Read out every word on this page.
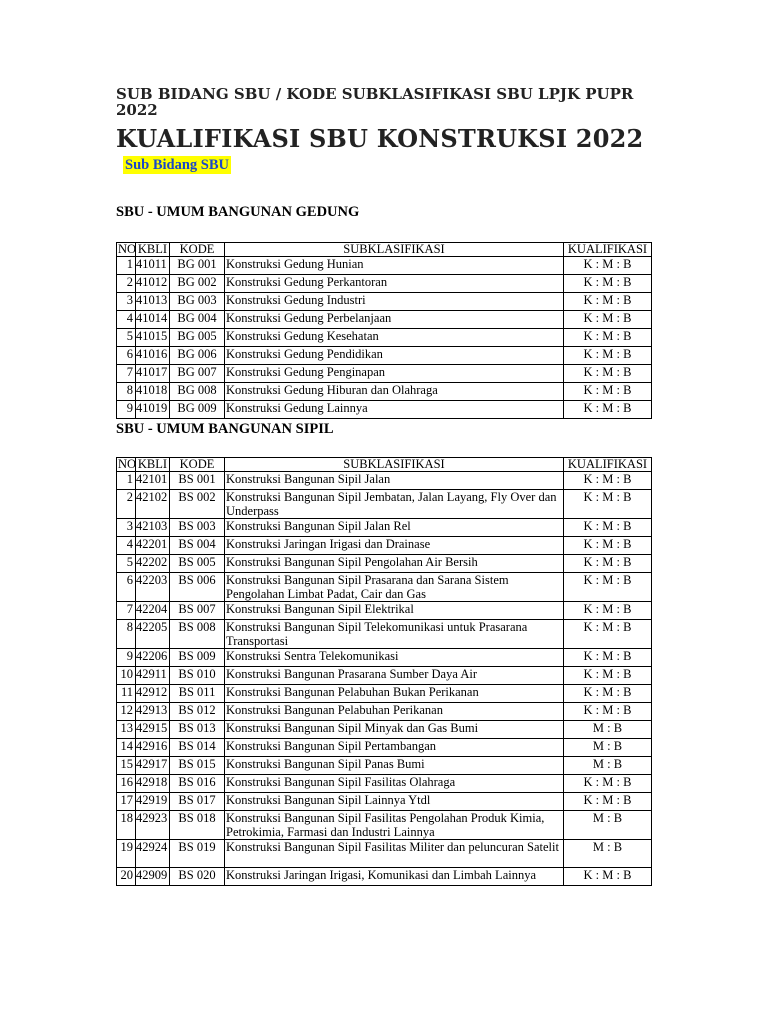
SUB BIDANG SBU / KODE SUBKLASIFIKASI SBU LPJK PUPR 2022
KUALIFIKASI SBU KONSTRUKSI 2022
Sub Bidang SBU
SBU - UMUM BANGUNAN GEDUNG
NO	KBLI	KODE	SUBKLASIFIKASI	KUALIFIKASI
1	41011	BG 001	Konstruksi Gedung Hunian	K : M : B
2	41012	BG 002	Konstruksi Gedung Perkantoran	K : M : B
3	41013	BG 003	Konstruksi Gedung Industri	K : M : B
4	41014	BG 004	Konstruksi Gedung Perbelanjaan	K : M : B
5	41015	BG 005	Konstruksi Gedung Kesehatan	K : M : B
6	41016	BG 006	Konstruksi Gedung Pendidikan	K : M : B
7	41017	BG 007	Konstruksi Gedung Penginapan	K : M : B
8	41018	BG 008	Konstruksi Gedung Hiburan dan Olahraga	K : M : B
9	41019	BG 009	Konstruksi Gedung Lainnya	K : M : B
SBU - UMUM BANGUNAN SIPIL
NO	KBLI	KODE	SUBKLASIFIKASI	KUALIFIKASI
1	42101	BS 001	Konstruksi Bangunan Sipil Jalan	K : M : B
2	42102	BS 002	Konstruksi Bangunan Sipil Jembatan, Jalan Layang, Fly Over dan Underpass	K : M : B
3	42103	BS 003	Konstruksi Bangunan Sipil Jalan Rel	K : M : B
4	42201	BS 004	Konstruksi Jaringan Irigasi dan Drainase	K : M : B
5	42202	BS 005	Konstruksi Bangunan Sipil Pengolahan Air Bersih	K : M : B
6	42203	BS 006	Konstruksi Bangunan Sipil Prasarana dan Sarana Sistem Pengolahan Limbat Padat, Cair dan Gas	K : M : B
7	42204	BS 007	Konstruksi Bangunan Sipil Elektrikal	K : M : B
8	42205	BS 008	Konstruksi Bangunan Sipil Telekomunikasi untuk Prasarana Transportasi	K : M : B
9	42206	BS 009	Konstruksi Sentra Telekomunikasi	K : M : B
10	42911	BS 010	Konstruksi Bangunan Prasarana Sumber Daya Air	K : M : B
11	42912	BS 011	Konstruksi Bangunan Pelabuhan Bukan Perikanan	K : M : B
12	42913	BS 012	Konstruksi Bangunan Pelabuhan Perikanan	K : M : B
13	42915	BS 013	Konstruksi Bangunan Sipil Minyak dan Gas Bumi	M : B
14	42916	BS 014	Konstruksi Bangunan Sipil Pertambangan	M : B
15	42917	BS 015	Konstruksi Bangunan Sipil Panas Bumi	M : B
16	42918	BS 016	Konstruksi Bangunan Sipil Fasilitas Olahraga	K : M : B
17	42919	BS 017	Konstruksi Bangunan Sipil Lainnya Ytdl	K : M : B
18	42923	BS 018	Konstruksi Bangunan Sipil Fasilitas Pengolahan Produk Kimia, Petrokimia, Farmasi dan Industri Lainnya	M : B
19	42924	BS 019	Konstruksi Bangunan Sipil Fasilitas Militer dan peluncuran Satelit	M : B
20	42909	BS 020	Konstruksi Jaringan Irigasi, Komunikasi dan Limbah Lainnya	K : M : B
